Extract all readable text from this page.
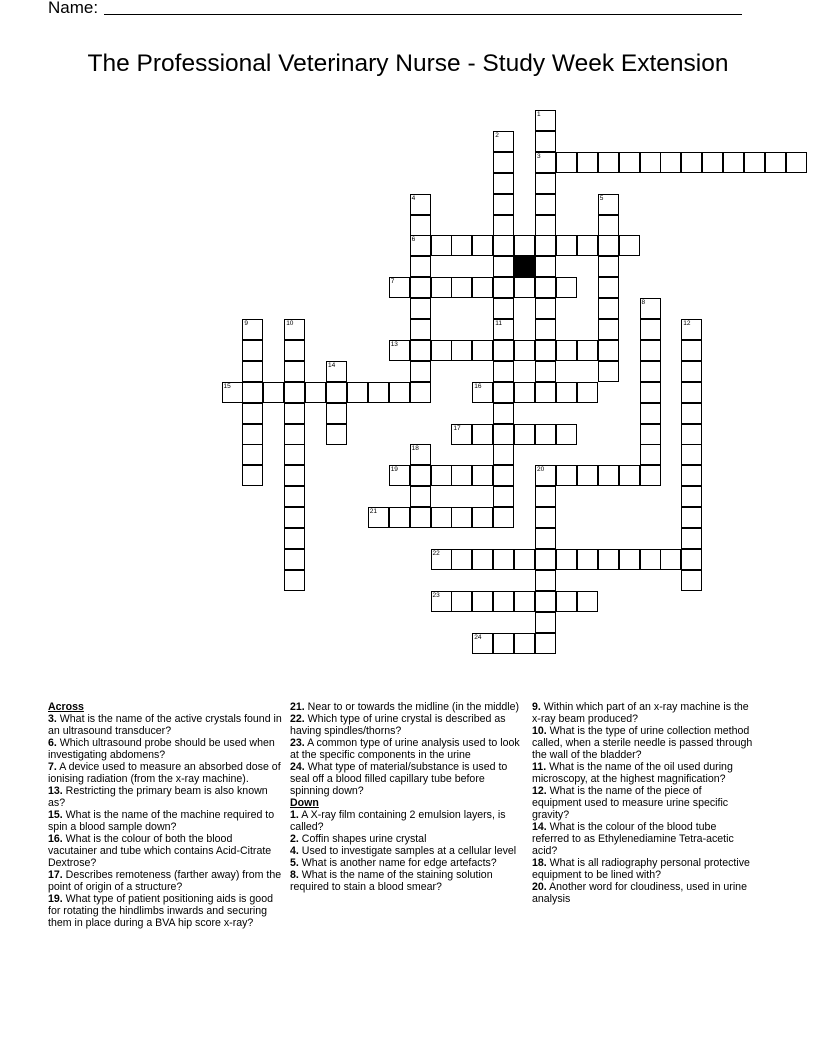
Name:
The Professional Veterinary Nurse - Study Week Extension
1
3
2
11
4
6
5
7
8
9	10	12
13
14
15	16
17
18
19	20
21
22
23
24
Across
3. What is the name of the active crystals found in an ultrasound transducer?
6. Which ultrasound probe should be used when investigating abdomens?
7. A device used to measure an absorbed dose of ionising radiation (from the x-ray machine).
13. Restricting the primary beam is also known as?
15. What is the name of the machine required to spin a blood sample down?
16. What is the colour of both the blood vacutainer and tube which contains Acid-Citrate Dextrose?
17. Describes remoteness (farther away) from the point of origin of a structure?
19. What type of patient positioning aids is good for rotating the hindlimbs inwards and securing them in place during a BVA hip score x-ray?
21. Near to or towards the midline (in the middle)
22. Which type of urine crystal is described as having spindles/thorns?
23. A common type of urine analysis used to look at the specific components in the urine
24. What type of material/substance is used to seal off a blood filled capillary tube before spinning down?
Down
1. A X-ray film containing 2 emulsion layers, is called?
2. Coffin shapes urine crystal
4. Used to investigate samples at a cellular level
5. What is another name for edge artefacts?
8. What is the name of the staining solution required to stain a blood smear?
9. Within which part of an x-ray machine is the x-ray beam produced?
10. What is the type of urine collection method called, when a sterile needle is passed through the wall of the bladder?
11. What is the name of the oil used during microscopy, at the highest magnification?
12. What is the name of the piece of equipment used to measure urine specific gravity?
14. What is the colour of the blood tube referred to as Ethylenediamine Tetra-acetic acid?
18. What is all radiography personal protective equipment to be lined with?
20. Another word for cloudiness, used in urine analysis
